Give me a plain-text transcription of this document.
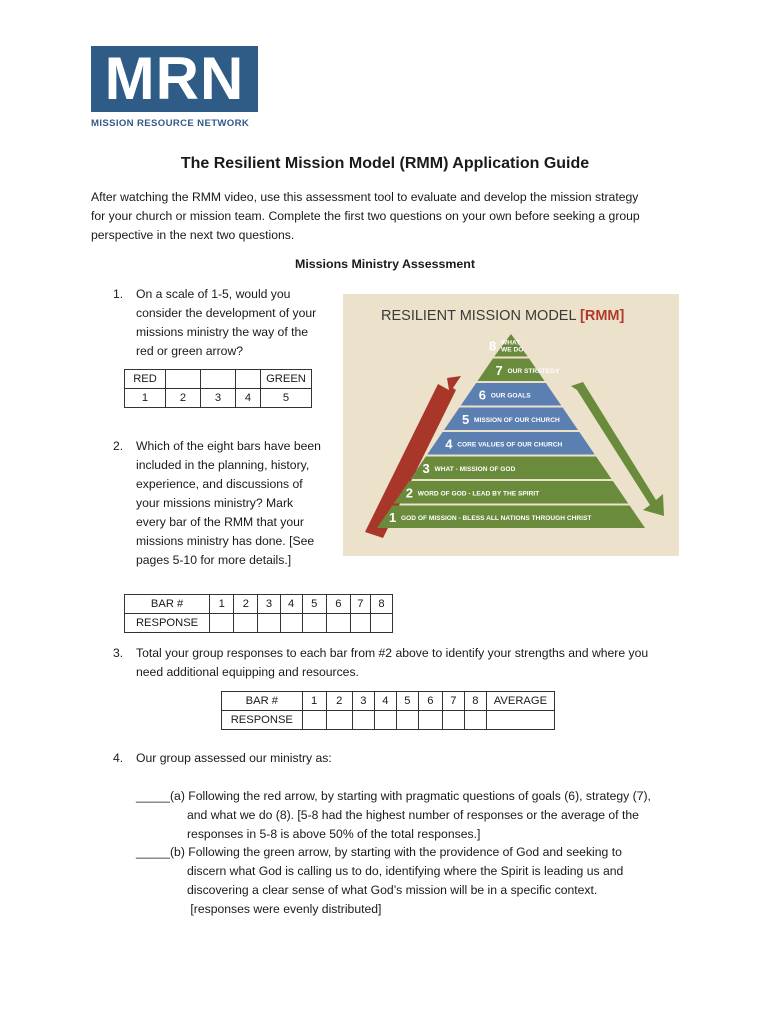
MRN
MISSION RESOURCE NETWORK
The Resilient Mission Model (RMM) Application Guide
After watching the RMM video, use this assessment tool to evaluate and develop the mission strategy
for your church or mission team. Complete the first two questions on your own before seeking a group
perspective in the next two questions.
Missions Ministry Assessment
1. On a scale of 1-5, would you
consider the development of your
missions ministry the way of the
red or green arrow?
RED				GREEN
1	2	3	4	5
2. Which of the eight bars have been
included in the planning, history,
experience, and discussions of
your missions ministry? Mark
every bar of the RMM that your
missions ministry has done. [See
pages 5-10 for more details.]
BAR #	1	2	3	4	5	6	7	8
RESPONSE								
RESILIENT MISSION MODEL [RMM]
1 GOD OF MISSION - BLESS ALL NATIONS THROUGH CHRIST
2 WORD OF GOD - LEAD BY THE SPIRIT
3 WHAT - MISSION OF GOD
4 CORE VALUES OF OUR CHURCH
5 MISSION OF OUR CHURCH
6 OUR GOALS
7 OUR STRATEGY
8 WHAT WE DO
3. Total your group responses to each bar from #2 above to identify your strengths and where you
need additional equipping and resources.
BAR #	1	2	3	4	5	6	7	8	AVERAGE
RESPONSE									
4. Our group assessed our ministry as:
_____ (a) Following the red arrow, by starting with pragmatic questions of goals (6), strategy (7),
and what we do (8). [5-8 had the highest number of responses or the average of the
responses in 5-8 is above 50% of the total responses.]
_____ (b) Following the green arrow, by starting with the providence of God and seeking to
discern what God is calling us to do, identifying where the Spirit is leading us and
discovering a clear sense of what God’s mission will be in a specific context.
[responses were evenly distributed]
